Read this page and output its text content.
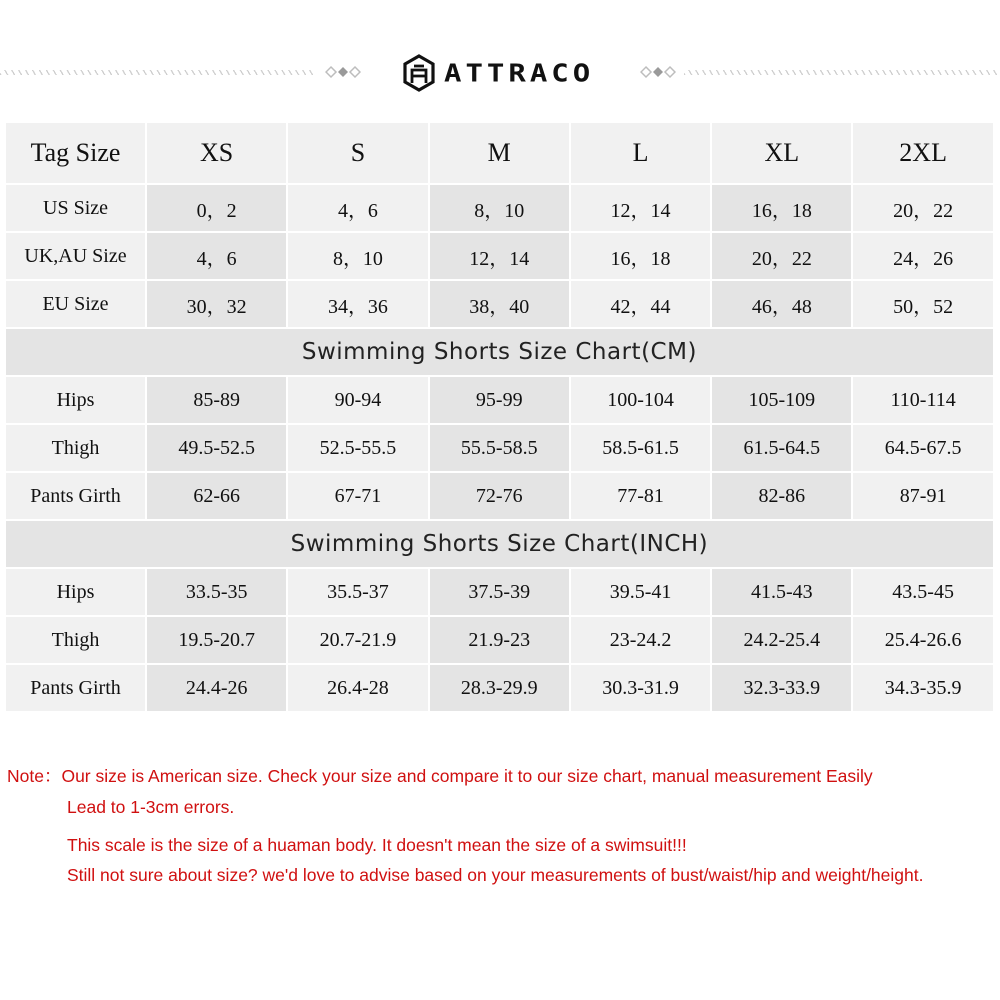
ATTRACO
Tag Size	XS	S	M	L	XL	2XL
US Size	0，2	4，6	8，10	12，14	16，18	20，22
UK,AU Size	4，6	8，10	12，14	16，18	20，22	24，26
EU Size	30，32	34，36	38，40	42，44	46，48	50，52
Swimming Shorts Size Chart(CM)						
Hips	85-89	90-94	95-99	100-104	105-109	110-114
Thigh	49.5-52.5	52.5-55.5	55.5-58.5	58.5-61.5	61.5-64.5	64.5-67.5
Pants Girth	62-66	67-71	72-76	77-81	82-86	87-91
Swimming Shorts Size Chart(INCH)						
Hips	33.5-35	35.5-37	37.5-39	39.5-41	41.5-43	43.5-45
Thigh	19.5-20.7	20.7-21.9	21.9-23	23-24.2	24.2-25.4	25.4-26.6
Pants Girth	24.4-26	26.4-28	28.3-29.9	30.3-31.9	32.3-33.9	34.3-35.9
Note：Our size is American size. Check your size and compare it to our size chart, manual measurement Easily
Lead to 1-3cm errors.
This scale is the size of a huaman body. It doesn't mean the size of a swimsuit!!!
Still not sure about size? we'd love to advise based on your measurements of bust/waist/hip and weight/height.
